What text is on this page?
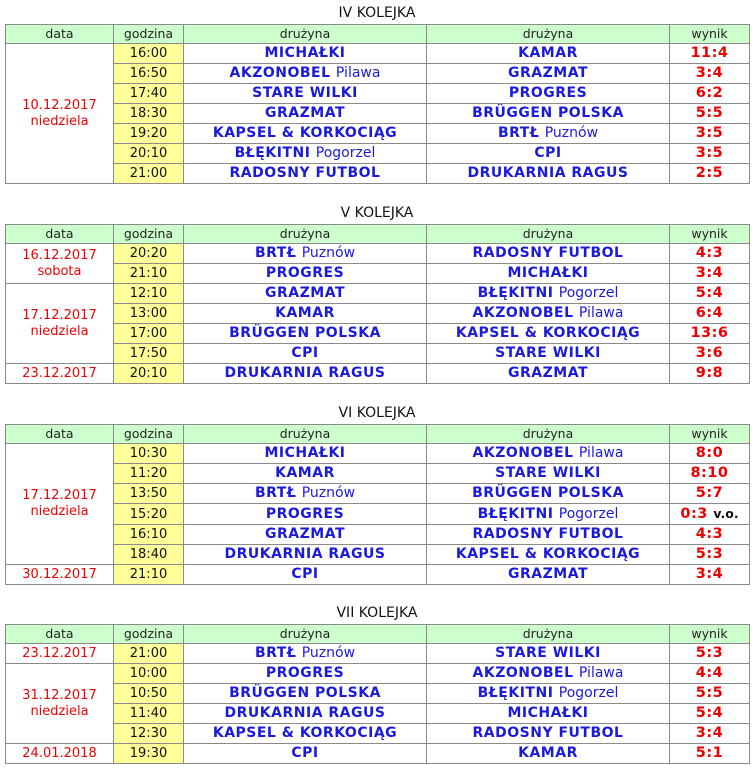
IV KOLEJKA
data	godzina	drużyna	drużyna	wynik
10.12.2017
niedziela	16:00	MICHAŁKI	KAMAR	11:4
	16:50	AKZONOBEL Pilawa	GRAZMAT	3:4
	17:40	STARE WILKI	PROGRES	6:2
	18:30	GRAZMAT	BRÜGGEN POLSKA	5:5
	19:20	KAPSEL & KORKOCIĄG	BRTŁ Puznów	3:5
	20:10	BŁĘKITNI Pogorzel	CPI	3:5
	21:00	RADOSNY FUTBOL	DRUKARNIA RAGUS	2:5
V KOLEJKA
data	godzina	drużyna	drużyna	wynik
16.12.2017
sobota	20:20	BRTŁ Puznów	RADOSNY FUTBOL	4:3
	21:10	PROGRES	MICHAŁKI	3:4
17.12.2017
niedziela	12:10	GRAZMAT	BŁĘKITNI Pogorzel	5:4
	13:00	KAMAR	AKZONOBEL Pilawa	6:4
	17:00	BRÜGGEN POLSKA	KAPSEL & KORKOCIĄG	13:6
	17:50	CPI	STARE WILKI	3:6
23.12.2017	20:10	DRUKARNIA RAGUS	GRAZMAT	9:8
VI KOLEJKA
data	godzina	drużyna	drużyna	wynik
17.12.2017
niedziela	10:30	MICHAŁKI	AKZONOBEL Pilawa	8:0
	11:20	KAMAR	STARE WILKI	8:10
	13:50	BRTŁ Puznów	BRÜGGEN POLSKA	5:7
	15:20	PROGRES	BŁĘKITNI Pogorzel	0:3 v.o.
	16:10	GRAZMAT	RADOSNY FUTBOL	4:3
	18:40	DRUKARNIA RAGUS	KAPSEL & KORKOCIĄG	5:3
30.12.2017	21:10	CPI	GRAZMAT	3:4
VII KOLEJKA
data	godzina	drużyna	drużyna	wynik
23.12.2017	21:00	BRTŁ Puznów	STARE WILKI	5:3
31.12.2017
niedziela	10:00	PROGRES	AKZONOBEL Pilawa	4:4
	10:50	BRÜGGEN POLSKA	BŁĘKITNI Pogorzel	5:5
	11:40	DRUKARNIA RAGUS	MICHAŁKI	5:4
	12:30	KAPSEL & KORKOCIĄG	RADOSNY FUTBOL	3:4
24.01.2018	19:30	CPI	KAMAR	5:1
